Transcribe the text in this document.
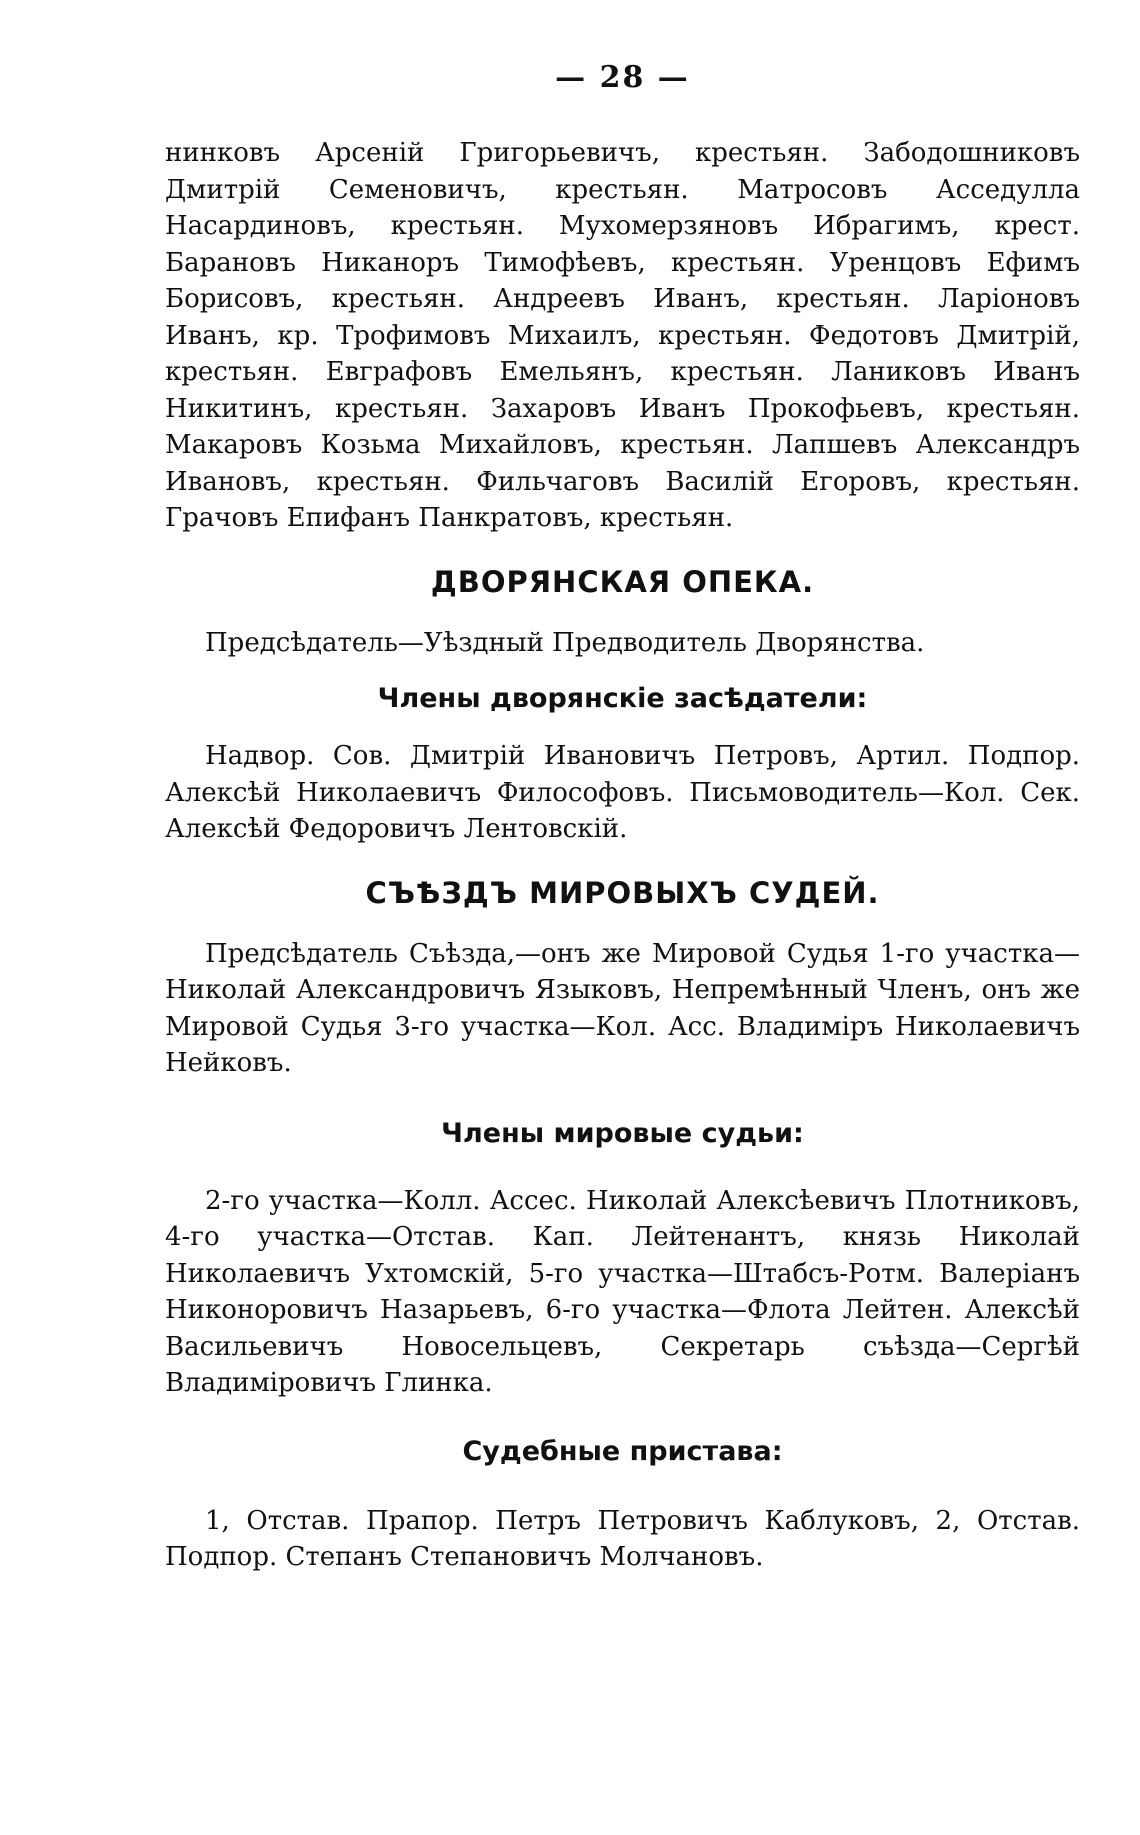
— 28 —

нинковъ Арсеній Григорьевичъ, крестьян. Забодошниковъ Дмитрій Семеновичъ, крестьян. Матросовъ Асседулла Насардиновъ, крестьян. Мухомерзяновъ Ибрагимъ, крест. Барановъ Никаноръ Тимофѣевъ, крестьян. Уренцовъ Ефимъ Борисовъ, крестьян. Андреевъ Иванъ, крестьян. Ларіоновъ Иванъ, кр. Трофимовъ Михаилъ, крестьян. Федотовъ Дмитрій, крестьян. Евграфовъ Емельянъ, крестьян. Ланиковъ Иванъ Никитинъ, крестьян. Захаровъ Иванъ Прокофьевъ, крестьян. Макаровъ Козьма Михайловъ, крестьян. Лапшевъ Александръ Ивановъ, крестьян. Фильчаговъ Василій Егоровъ, крестьян. Грачовъ Епифанъ Панкратовъ, крестьян.

ДВОРЯНСКАЯ ОПЕКА.

Предсѣдатель—Уѣздный Предводитель Дворянства.

Члены дворянскіе засѣдатели:

Надвор. Сов. Дмитрій Ивановичъ Петровъ, Артил. Подпор. Алексѣй Николаевичъ Философовъ. Письмоводитель—Кол. Сек. Алексѣй Федоровичъ Лентовскій.

СЪѢЗДЪ МИРОВЫХЪ СУДЕЙ.

Предсѣдатель Съѣзда,—онъ же Мировой Судья 1-го участка—Николай Александровичъ Языковъ, Непремѣнный Членъ, онъ же Мировой Судья 3-го участка—Кол. Асс. Владиміръ Николаевичъ Нейковъ.

Члены мировые судьи:

2-го участка—Колл. Ассес. Николай Алексѣевичъ Плотниковъ, 4-го участка—Отстав. Кап. Лейтенантъ, князь Николай Николаевичъ Ухтомскій, 5-го участка—Штабсъ-Ротм. Валеріанъ Никоноровичъ Назарьевъ, 6-го участка—Флота Лейтен. Алексѣй Васильевичъ Новосельцевъ, Секретарь съѣзда—Сергѣй Владиміровичъ Глинка.

Судебные пристава:

1, Отстав. Прапор. Петръ Петровичъ Каблуковъ, 2, Отстав. Подпор. Степанъ Степановичъ Молчановъ.
